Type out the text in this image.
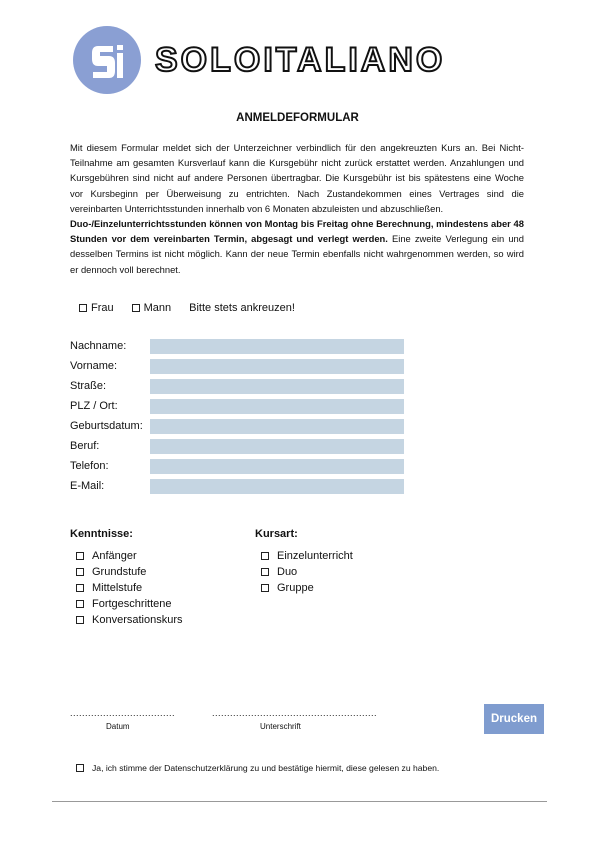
SOLOITALIANO
ANMELDEFORMULAR

Mit diesem Formular meldet sich der Unterzeichner verbindlich für den angekreuzten Kurs an. Bei Nicht-Teilnahme am gesamten Kursverlauf kann die Kursgebühr nicht zurück erstattet werden. Anzahlungen und Kursgebühren sind nicht auf andere Personen übertragbar. Die Kursgebühr ist bis spätestens eine Woche vor Kursbeginn per Überweisung zu entrichten. Nach Zustandekommen eines Vertrages sind die vereinbarten Unterrichtsstunden innerhalb von 6 Monaten abzuleisten und abzuschließen.

Duo-/Einzelunterrichtsstunden können von Montag bis Freitag ohne Berechnung, mindestens aber 48 Stunden vor dem vereinbarten Termin, abgesagt und verlegt werden. Eine zweite Verlegung ein und desselben Termins ist nicht möglich. Kann der neue Termin ebenfalls nicht wahrgenommen werden, so wird er dennoch voll berechnet.

Frau	Mann Bitte stets ankreuzen!
Nachname:
Vorname:
Straße:
PLZ / Ort:
Geburtsdatum:
Beruf:
Telefon:
E-Mail:
Kenntnisse:
Anfänger
Grundstufe
Mittelstufe
Fortgeschrittene
Konversationskurs
Kursart:
Einzelunterricht
Duo
Gruppe
...................................
Datum
.......................................................
Unterschrift
Drucken
Ja, ich stimme der Datenschutzerklärung zu und bestätige hiermit, diese gelesen zu haben.
